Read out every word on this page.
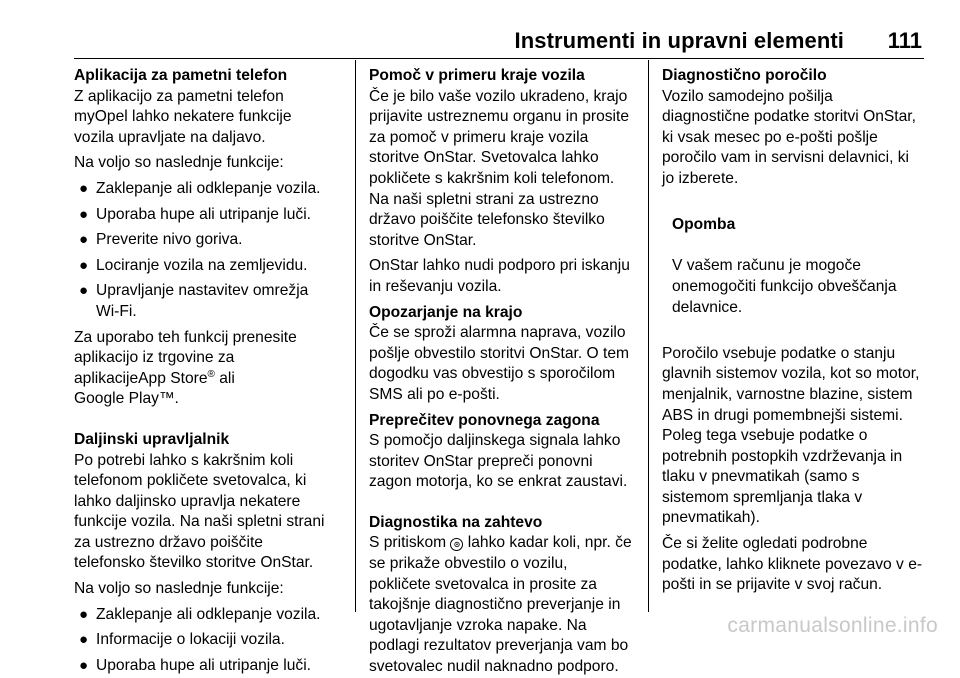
Instrumenti in upravni elementi 111
Aplikacija za pametni telefon
Z aplikacijo za pametni telefon
myOpel lahko nekatere funkcije
vozila upravljate na daljavo.
Na voljo so naslednje funkcije:
● Zaklepanje ali odklepanje vozila.
● Uporaba hupe ali utripanje luči.
● Preverite nivo goriva.
● Lociranje vozila na zemljevidu.
● Upravljanje nastavitev omrežja
Wi-Fi.
Za uporabo teh funkcij prenesite
aplikacijo iz trgovine za
aplikacijeApp Store® ali
Google Play™.
Daljinski upravljalnik
Po potrebi lahko s kakršnim koli
telefonom pokličete svetovalca, ki
lahko daljinsko upravlja nekatere
funkcije vozila. Na naši spletni strani
za ustrezno državo poiščite
telefonsko številko storitve OnStar.
Na voljo so naslednje funkcije:
● Zaklepanje ali odklepanje vozila.
● Informacije o lokaciji vozila.
● Uporaba hupe ali utripanje luči.
Pomoč v primeru kraje vozila
Če je bilo vaše vozilo ukradeno, krajo
prijavite ustreznemu organu in prosite
za pomoč v primeru kraje vozila
storitve OnStar. Svetovalca lahko
pokličete s kakršnim koli telefonom.
Na naši spletni strani za ustrezno
državo poiščite telefonsko številko
storitve OnStar.
OnStar lahko nudi podporo pri iskanju
in reševanju vozila.
Opozarjanje na krajo
Če se sproži alarmna naprava, vozilo
pošlje obvestilo storitvi OnStar. O tem
dogodku vas obvestijo s sporočilom
SMS ali po e-pošti.
Preprečitev ponovnega zagona
S pomočjo daljinskega signala lahko
storitev OnStar prepreči ponovni
zagon motorja, ko se enkrat zaustavi.
Diagnostika na zahtevo
S pritiskom ⊙ lahko kadar koli, npr. če
se prikaže obvestilo o vozilu,
pokličete svetovalca in prosite za
takojšnje diagnostično preverjanje in
ugotavljanje vzroka napake. Na
podlagi rezultatov preverjanja vam bo
svetovalec nudil naknadno podporo.
Diagnostično poročilo
Vozilo samodejno pošilja
diagnostične podatke storitvi OnStar,
ki vsak mesec po e-pošti pošlje
poročilo vam in servisni delavnici, ki
jo izberete.

Opomba

V vašem računu je mogoče
onemogočiti funkcijo obveščanja
delavnice.

Poročilo vsebuje podatke o stanju
glavnih sistemov vozila, kot so motor,
menjalnik, varnostne blazine, sistem
ABS in drugi pomembnejši sistemi.
Poleg tega vsebuje podatke o
potrebnih postopkih vzdrževanja in
tlaku v pnevmatikah (samo s
sistemom spremljanja tlaka v
pnevmatikah).
Če si želite ogledati podrobne
podatke, lahko kliknete povezavo v e-
pošti in se prijavite v svoj račun.
carmanualsonline.info
